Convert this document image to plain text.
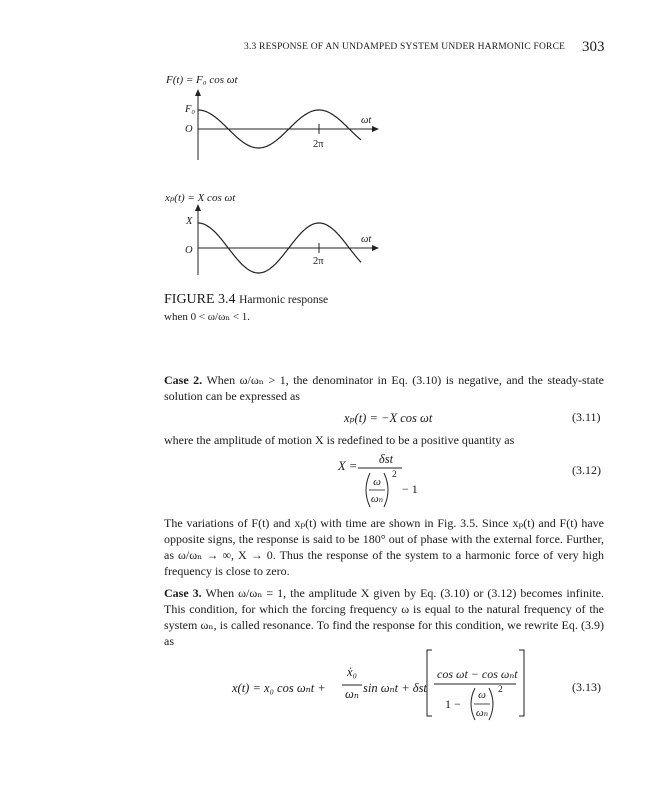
3.3 RESPONSE OF AN UNDAMPED SYSTEM UNDER HARMONIC FORCE 303
F(t) = F₀ cos ωt
F₀
O
ωt
2π
xₚ(t) = X cos ωt
X
O
ωt
2π
FIGURE 3.4 Harmonic response
when 0 < ω/ωₙ < 1.
Case 2. When ω/ωₙ > 1, the denominator in Eq. (3.10) is negative, and the steady-state solution can be expressed as
xₚ(t) = −X cos ωt	(3.11)
where the amplitude of motion X is redefined to be a positive quantity as
X =	δst
ω
ωₙ
2
− 1
(3.12)
The variations of F(t) and xₚ(t) with time are shown in Fig. 3.5. Since xₚ(t) and F(t) have opposite signs, the response is said to be 180° out of phase with the external force. Further, as ω/ωₙ → ∞, X → 0. Thus the response of the system to a harmonic force of very high frequency is close to zero.
Case 3. When ω/ωₙ = 1, the amplitude X given by Eq. (3.10) or (3.12) becomes infinite. This condition, for which the forcing frequency ω is equal to the natural frequency of the system ωₙ, is called resonance. To find the response for this condition, we rewrite Eq. (3.9) as
x(t) = x₀ cos ωₙt +
ẋ₀
ωₙ sin ωₙt + δst
cos ωt − cos ωₙt
1 −
ω
ωₙ
2	(3.13)
